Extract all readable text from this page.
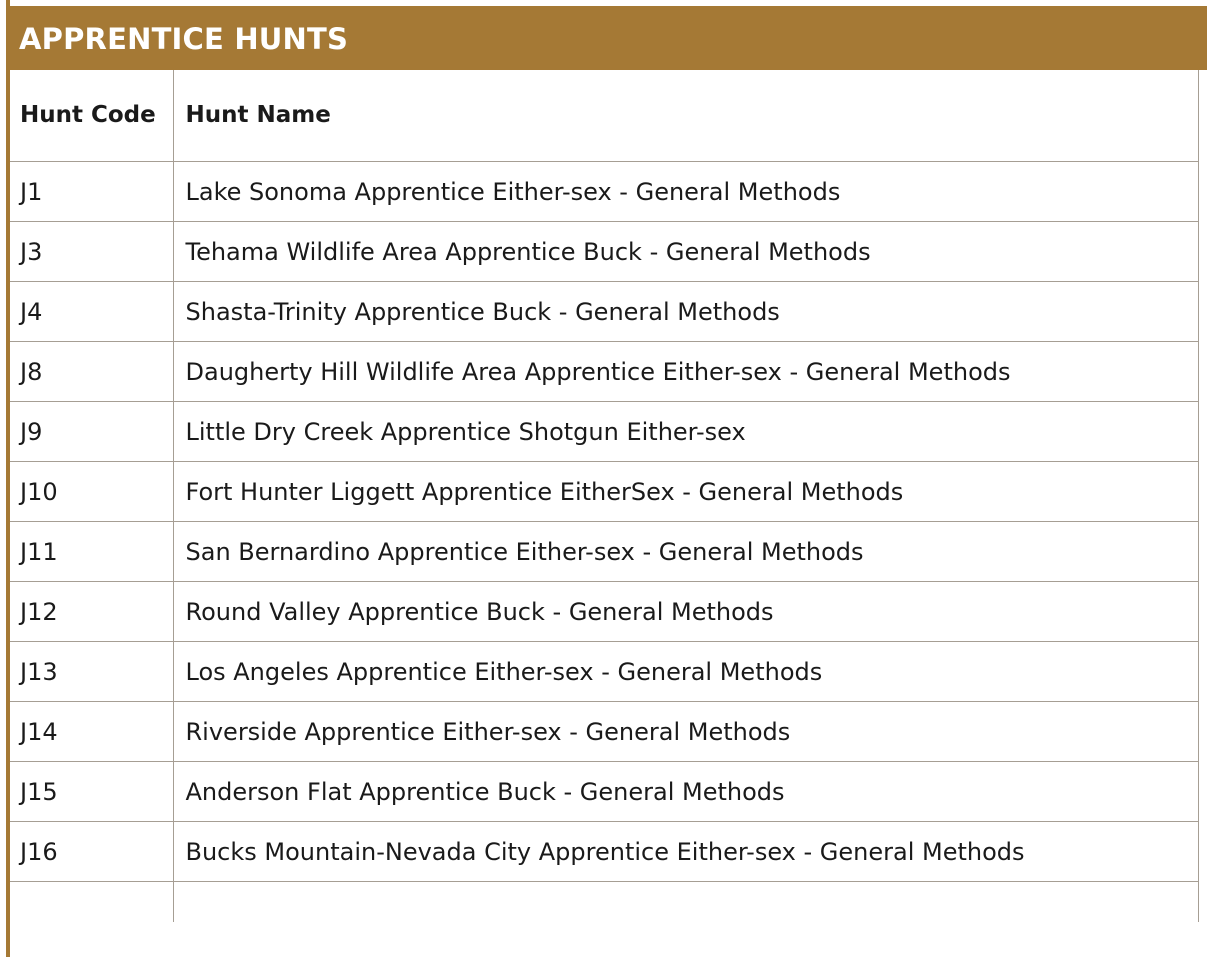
APPRENTICE HUNTS
Hunt Code	Hunt Name
J1	Lake Sonoma Apprentice Either-sex - General Methods
J3	Tehama Wildlife Area Apprentice Buck - General Methods
J4	Shasta-Trinity Apprentice Buck - General Methods
J8	Daugherty Hill Wildlife Area Apprentice Either-sex - General Methods
J9	Little Dry Creek Apprentice Shotgun Either-sex
J10	Fort Hunter Liggett Apprentice EitherSex - General Methods
J11	San Bernardino Apprentice Either-sex - General Methods
J12	Round Valley Apprentice Buck - General Methods
J13	Los Angeles Apprentice Either-sex - General Methods
J14	Riverside Apprentice Either-sex - General Methods
J15	Anderson Flat Apprentice Buck - General Methods
J16	Bucks Mountain-Nevada City Apprentice Either-sex - General Methods
